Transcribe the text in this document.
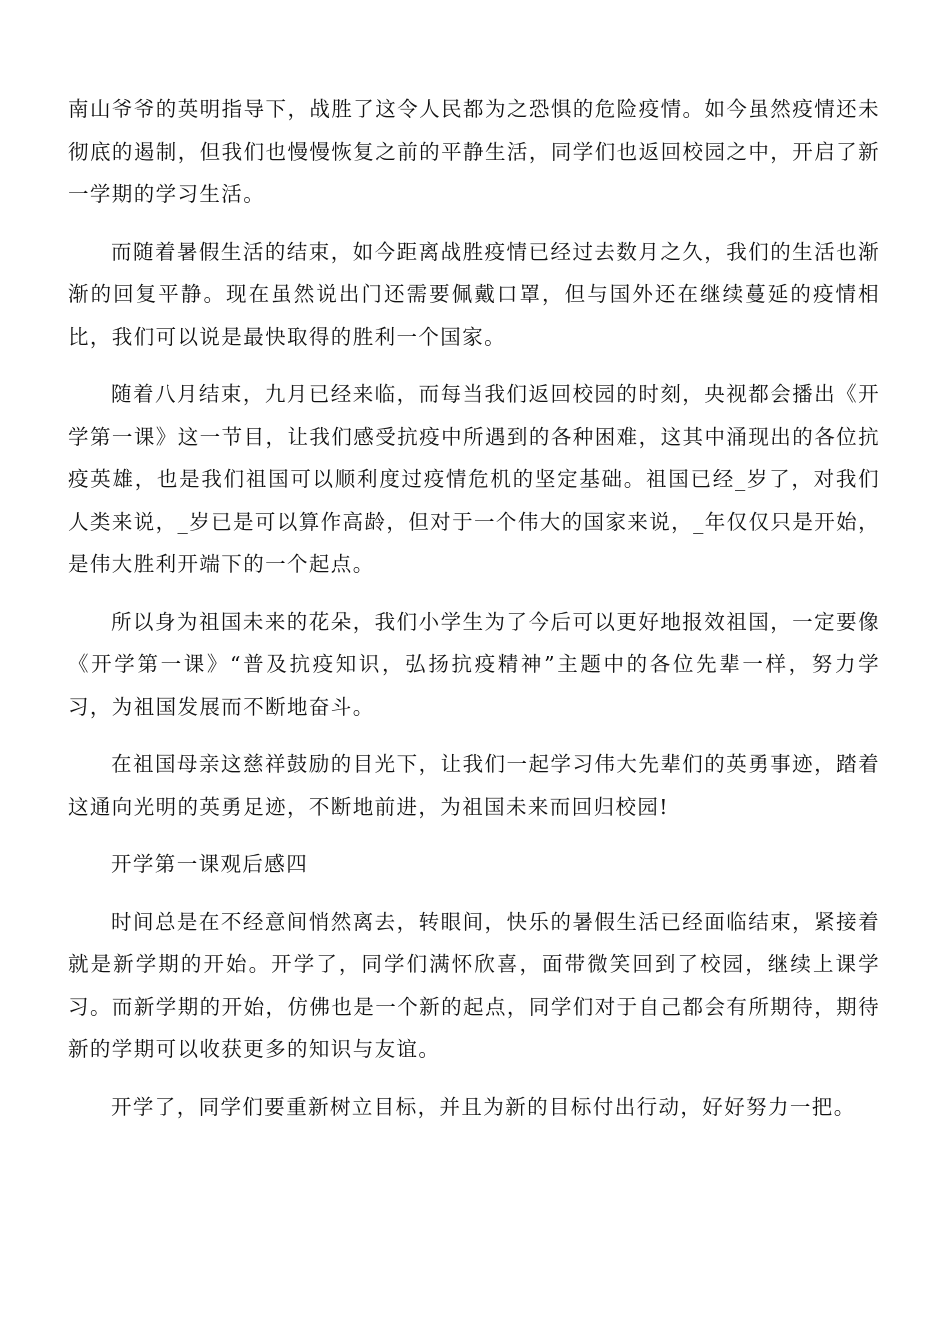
南山爷爷的英明指导下，战胜了这令人民都为之恐惧的危险疫情。如今虽然疫情还未彻底的遏制，但我们也慢慢恢复之前的平静生活，同学们也返回校园之中，开启了新一学期的学习生活。

而随着暑假生活的结束，如今距离战胜疫情已经过去数月之久，我们的生活也渐渐的回复平静。现在虽然说出门还需要佩戴口罩，但与国外还在继续蔓延的疫情相比，我们可以说是最快取得的胜利一个国家。

随着八月结束，九月已经来临，而每当我们返回校园的时刻，央视都会播出《开学第一课》这一节目，让我们感受抗疫中所遇到的各种困难，这其中涌现出的各位抗疫英雄，也是我们祖国可以顺利度过疫情危机的坚定基础。祖国已经_岁了，对我们人类来说，_岁已是可以算作高龄，但对于一个伟大的国家来说，_年仅仅只是开始，是伟大胜利开端下的一个起点。

所以身为祖国未来的花朵，我们小学生为了今后可以更好地报效祖国，一定要像《开学第一课》“普及抗疫知识，弘扬抗疫精神”主题中的各位先辈一样，努力学习，为祖国发展而不断地奋斗。

在祖国母亲这慈祥鼓励的目光下，让我们一起学习伟大先辈们的英勇事迹，踏着这通向光明的英勇足迹，不断地前进，为祖国未来而回归校园!

开学第一课观后感四

时间总是在不经意间悄然离去，转眼间，快乐的暑假生活已经面临结束，紧接着就是新学期的开始。开学了，同学们满怀欣喜，面带微笑回到了校园，继续上课学习。而新学期的开始，仿佛也是一个新的起点，同学们对于自己都会有所期待，期待新的学期可以收获更多的知识与友谊。

开学了，同学们要重新树立目标，并且为新的目标付出行动，好好努力一把。
